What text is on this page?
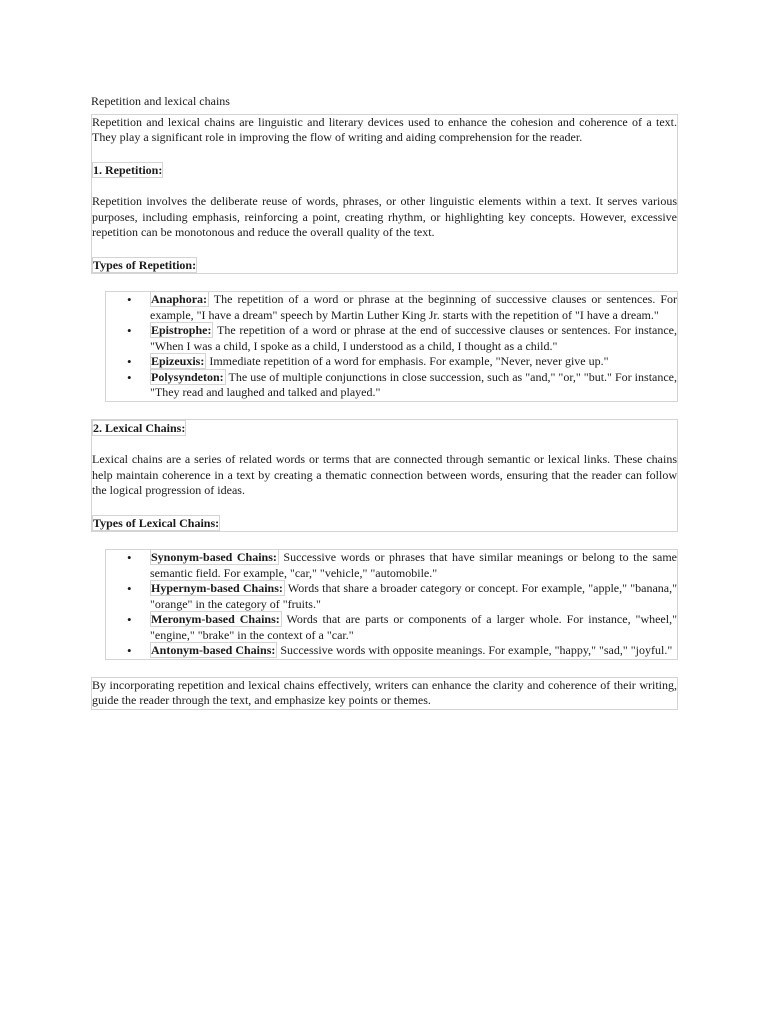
Repetition and lexical chains

Repetition and lexical chains are linguistic and literary devices used to enhance the cohesion and coherence of a text. They play a significant role in improving the flow of writing and aiding comprehension for the reader.

1. Repetition:

Repetition involves the deliberate reuse of words, phrases, or other linguistic elements within a text. It serves various purposes, including emphasis, reinforcing a point, creating rhythm, or highlighting key concepts. However, excessive repetition can be monotonous and reduce the overall quality of the text.

Types of Repetition:

• Anaphora: The repetition of a word or phrase at the beginning of successive clauses or sentences. For example, "I have a dream" speech by Martin Luther King Jr. starts with the repetition of "I have a dream."
• Epistrophe: The repetition of a word or phrase at the end of successive clauses or sentences. For instance, "When I was a child, I spoke as a child, I understood as a child, I thought as a child."
• Epizeuxis: Immediate repetition of a word for emphasis. For example, "Never, never give up."
• Polysyndeton: The use of multiple conjunctions in close succession, such as "and," "or," "but." For instance, "They read and laughed and talked and played."

2. Lexical Chains:

Lexical chains are a series of related words or terms that are connected through semantic or lexical links. These chains help maintain coherence in a text by creating a thematic connection between words, ensuring that the reader can follow the logical progression of ideas.

Types of Lexical Chains:

• Synonym-based Chains: Successive words or phrases that have similar meanings or belong to the same semantic field. For example, "car," "vehicle," "automobile."
• Hypernym-based Chains: Words that share a broader category or concept. For example, "apple," "banana," "orange" in the category of "fruits."
• Meronym-based Chains: Words that are parts or components of a larger whole. For instance, "wheel," "engine," "brake" in the context of a "car."
• Antonym-based Chains: Successive words with opposite meanings. For example, "happy," "sad," "joyful."

By incorporating repetition and lexical chains effectively, writers can enhance the clarity and coherence of their writing, guide the reader through the text, and emphasize key points or themes.
